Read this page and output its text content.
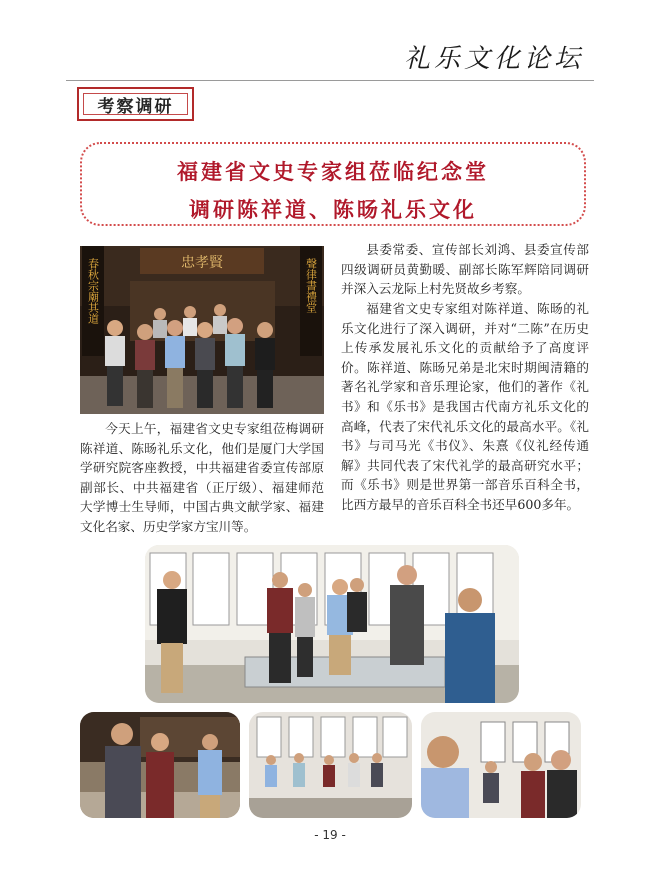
礼乐文化论坛
考察调研
福建省文史专家组莅临纪念堂
调研陈祥道、陈旸礼乐文化
忠孝賢
春秋宗廟其道	聲律書禮堂
今天上午，福建省文史专家组莅梅调研陈祥道、陈旸礼乐文化，他们是厦门大学国学研究院客座教授，中共福建省委宣传部原副部长、中共福建省（正厅级）、福建师范大学博士生导师，中国古典文献学家、福建文化名家、历史学家方宝川等。
县委常委、宣传部长刘鸿、县委宣传部四级调研员黄勤暖、副部长陈军辉陪同调研并深入云龙际上村先贤故乡考察。
福建省文史专家组对陈祥道、陈旸的礼乐文化进行了深入调研，并对“二陈”在历史上传承发展礼乐文化的贡献给予了高度评价。陈祥道、陈旸兄弟是北宋时期闽清籍的著名礼学家和音乐理论家，他们的著作《礼书》和《乐书》是我国古代南方礼乐文化的高峰，代表了宋代礼乐文化的最高水平。《礼书》与司马光《书仪》、朱熹《仪礼经传通解》共同代表了宋代礼学的最高研究水平；而《乐书》则是世界第一部音乐百科全书，比西方最早的音乐百科全书还早600多年。
- 19 -
